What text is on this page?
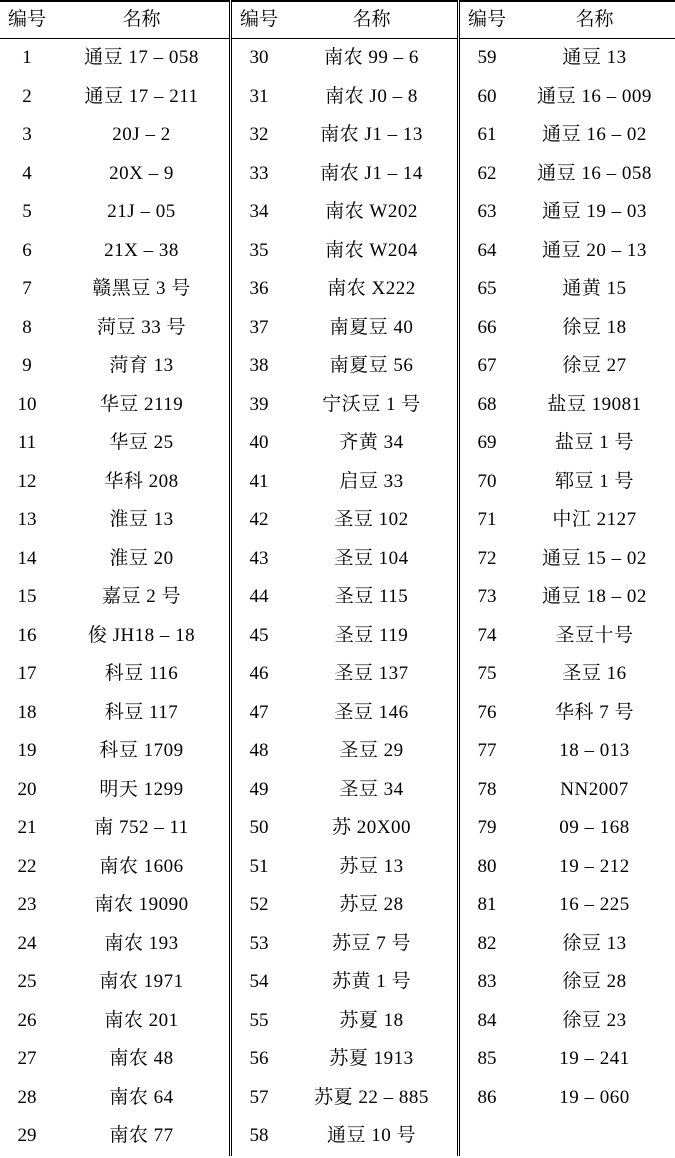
编号	名称
1	通豆 17 – 058
2	通豆 17 – 211
3	20J – 2
4	20X – 9
5	21J – 05
6	21X – 38
7	赣黑豆 3 号
8	菏豆 33 号
9	菏育 13
10	华豆 2119
11	华豆 25
12	华科 208
13	淮豆 13
14	淮豆 20
15	嘉豆 2 号
16	俊 JH18 – 18
17	科豆 116
18	科豆 117
19	科豆 1709
20	明天 1299
21	南 752 – 11
22	南农 1606
23	南农 19090
24	南农 193
25	南农 1971
26	南农 201
27	南农 48
28	南农 64
29	南农 77
编号	名称
30	南农 99 – 6
31	南农 J0 – 8
32	南农 J1 – 13
33	南农 J1 – 14
34	南农 W202
35	南农 W204
36	南农 X222
37	南夏豆 40
38	南夏豆 56
39	宁沃豆 1 号
40	齐黄 34
41	启豆 33
42	圣豆 102
43	圣豆 104
44	圣豆 115
45	圣豆 119
46	圣豆 137
47	圣豆 146
48	圣豆 29
49	圣豆 34
50	苏 20X00
51	苏豆 13
52	苏豆 28
53	苏豆 7 号
54	苏黄 1 号
55	苏夏 18
56	苏夏 1913
57	苏夏 22 – 885
58	通豆 10 号
编号	名称
59	通豆 13
60	通豆 16 – 009
61	通豆 16 – 02
62	通豆 16 – 058
63	通豆 19 – 03
64	通豆 20 – 13
65	通黄 15
66	徐豆 18
67	徐豆 27
68	盐豆 19081
69	盐豆 1 号
70	郓豆 1 号
71	中江 2127
72	通豆 15 – 02
73	通豆 18 – 02
74	圣豆十号
75	圣豆 16
76	华科 7 号
77	18 – 013
78	NN2007
79	09 – 168
80	19 – 212
81	16 – 225
82	徐豆 13
83	徐豆 28
84	徐豆 23
85	19 – 241
86	19 – 060
